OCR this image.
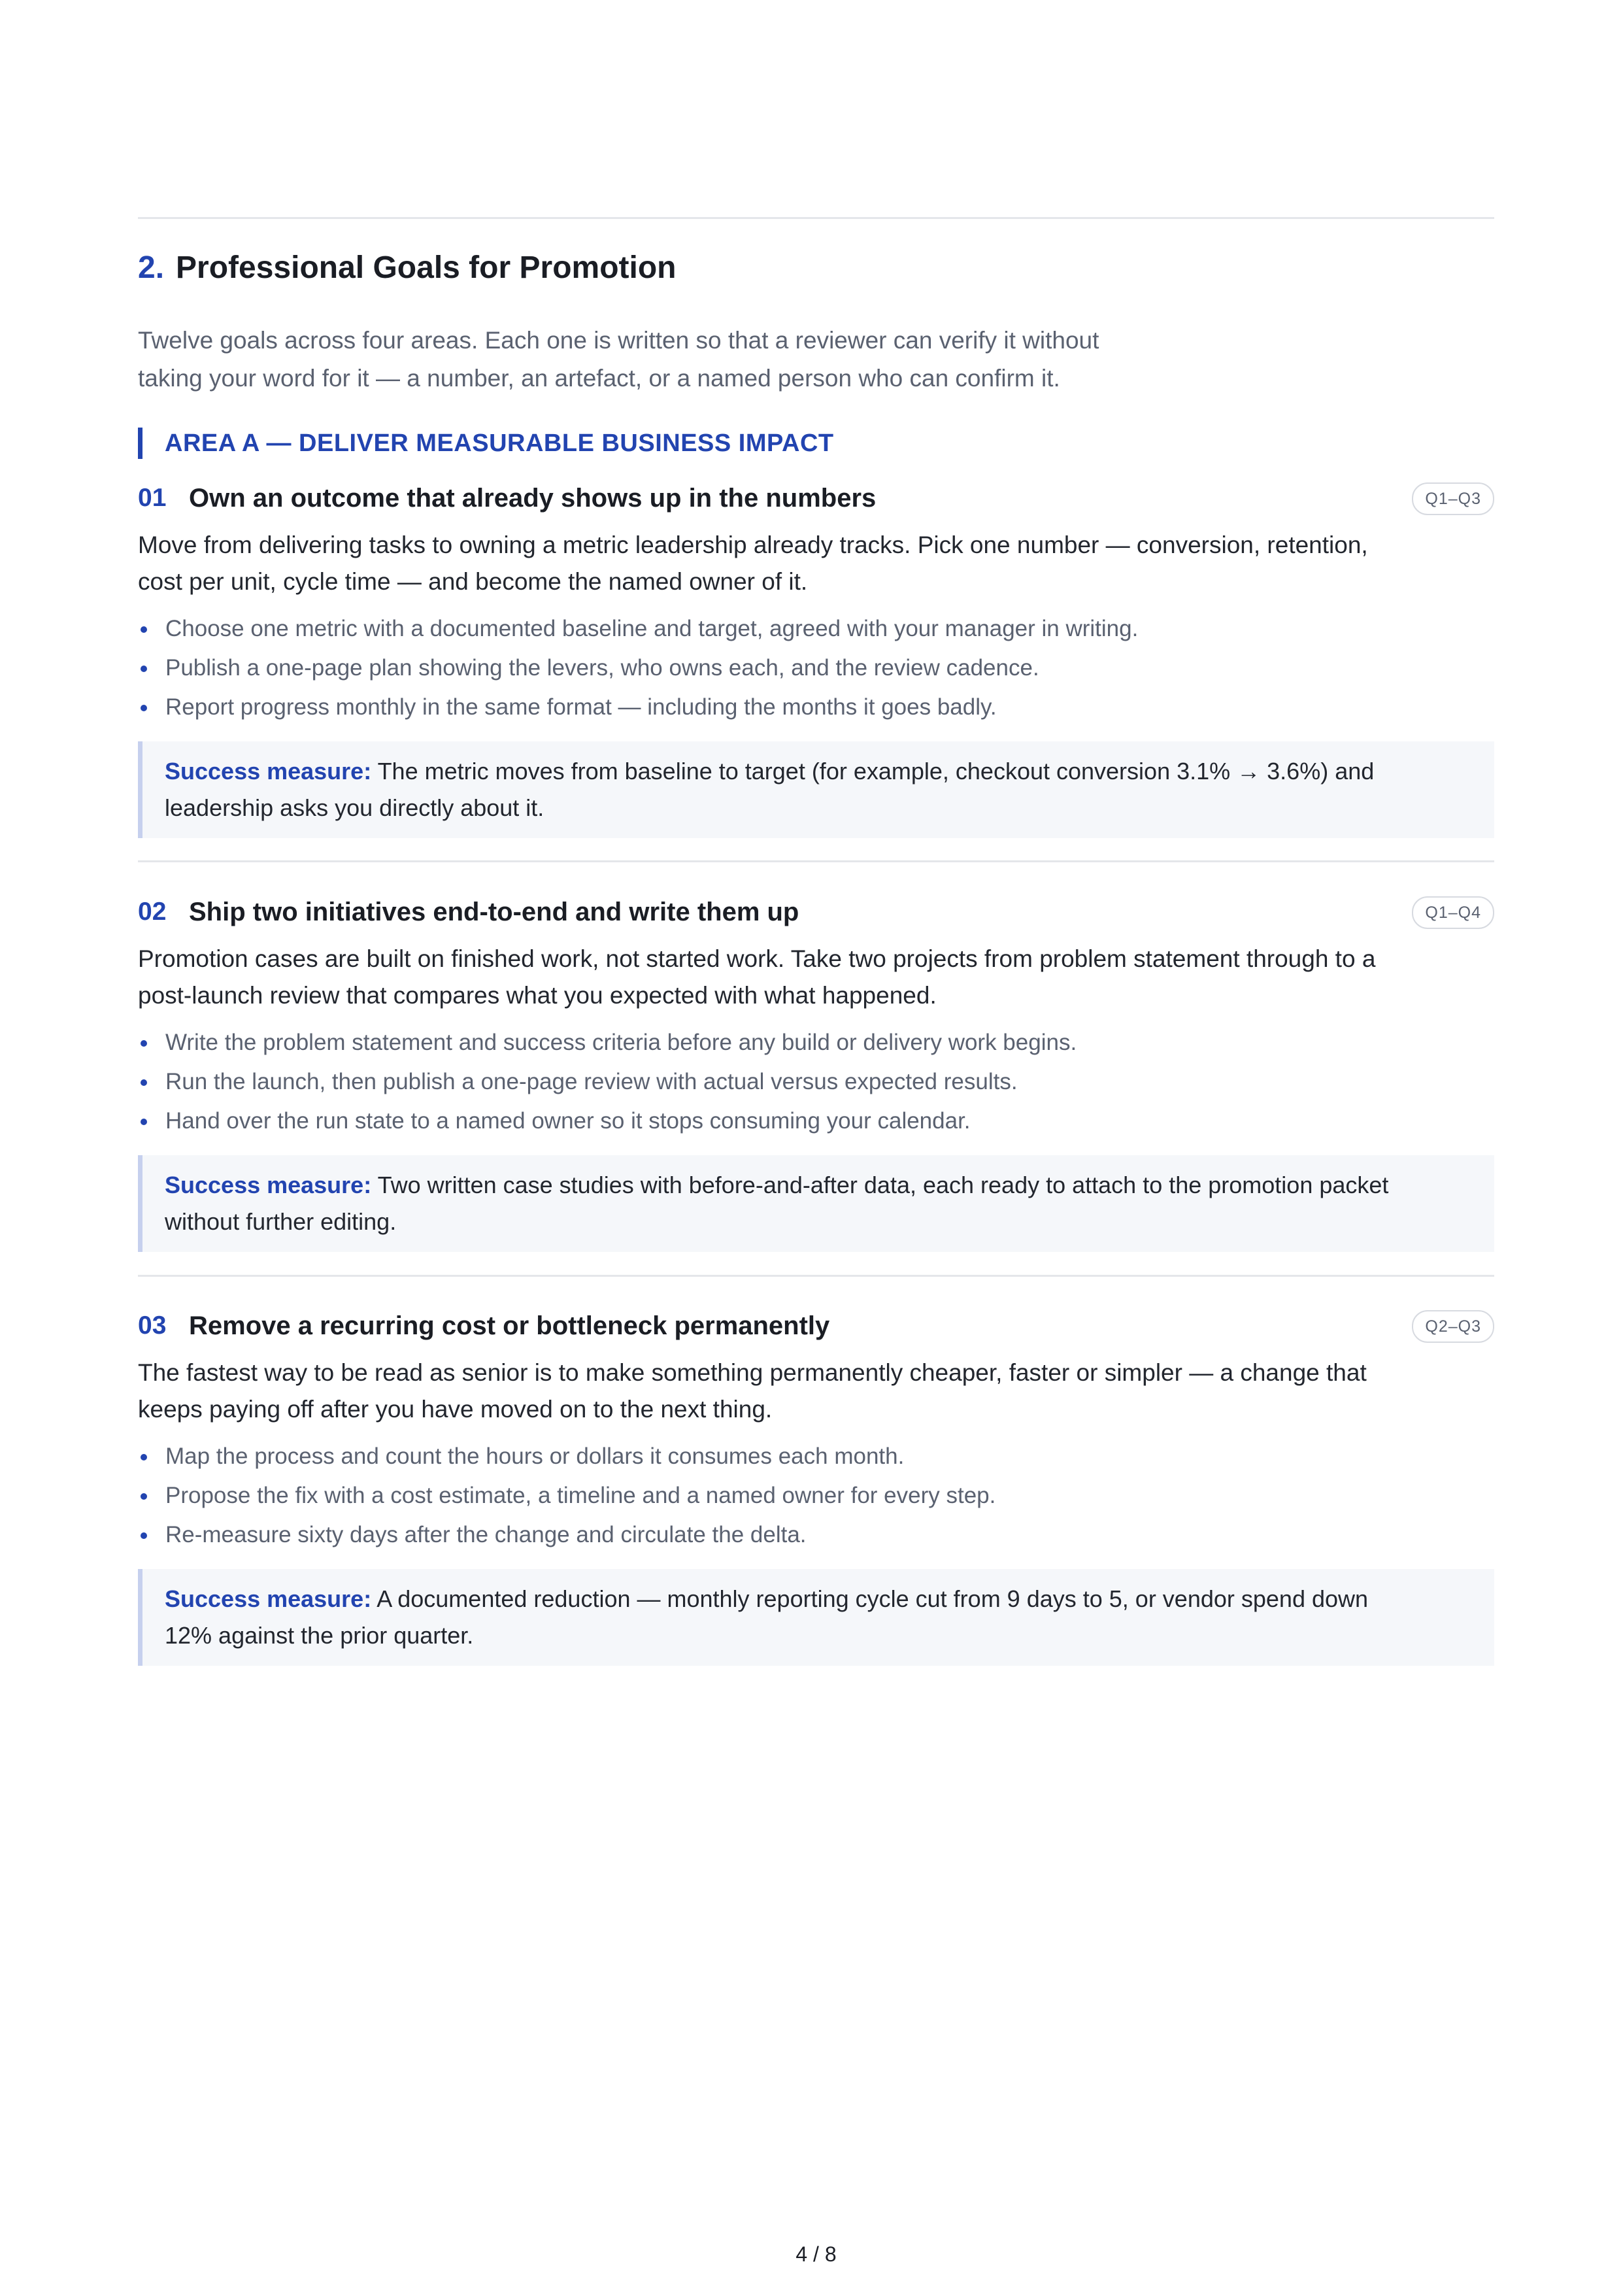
2. Professional Goals for Promotion

Twelve goals across four areas. Each one is written so that a reviewer can verify it without

taking your word for it — a number, an artefact, or a named person who can confirm it.

AREA A — DELIVER MEASURABLE BUSINESS IMPACT
01 Own an outcome that already shows up in the numbers	Q1–Q3

Move from delivering tasks to owning a metric leadership already tracks. Pick one number — conversion, retention,

cost per unit, cycle time — and become the named owner of it.

Choose one metric with a documented baseline and target, agreed with your manager in writing.
Publish a one-page plan showing the levers, who owns each, and the review cadence.
Report progress monthly in the same format — including the months it goes badly.

Success measure: The metric moves from baseline to target (for example, checkout conversion 3.1% → 3.6%) and

leadership asks you directly about it.

02 Ship two initiatives end-to-end and write them up	Q1–Q4

Promotion cases are built on finished work, not started work. Take two projects from problem statement through to a

post-launch review that compares what you expected with what happened.

Write the problem statement and success criteria before any build or delivery work begins.
Run the launch, then publish a one-page review with actual versus expected results.
Hand over the run state to a named owner so it stops consuming your calendar.

Success measure: Two written case studies with before-and-after data, each ready to attach to the promotion packet

without further editing.

03 Remove a recurring cost or bottleneck permanently	Q2–Q3

The fastest way to be read as senior is to make something permanently cheaper, faster or simpler — a change that

keeps paying off after you have moved on to the next thing.

Map the process and count the hours or dollars it consumes each month.
Propose the fix with a cost estimate, a timeline and a named owner for every step.
Re-measure sixty days after the change and circulate the delta.

Success measure: A documented reduction — monthly reporting cycle cut from 9 days to 5, or vendor spend down

12% against the prior quarter.

4 / 8
